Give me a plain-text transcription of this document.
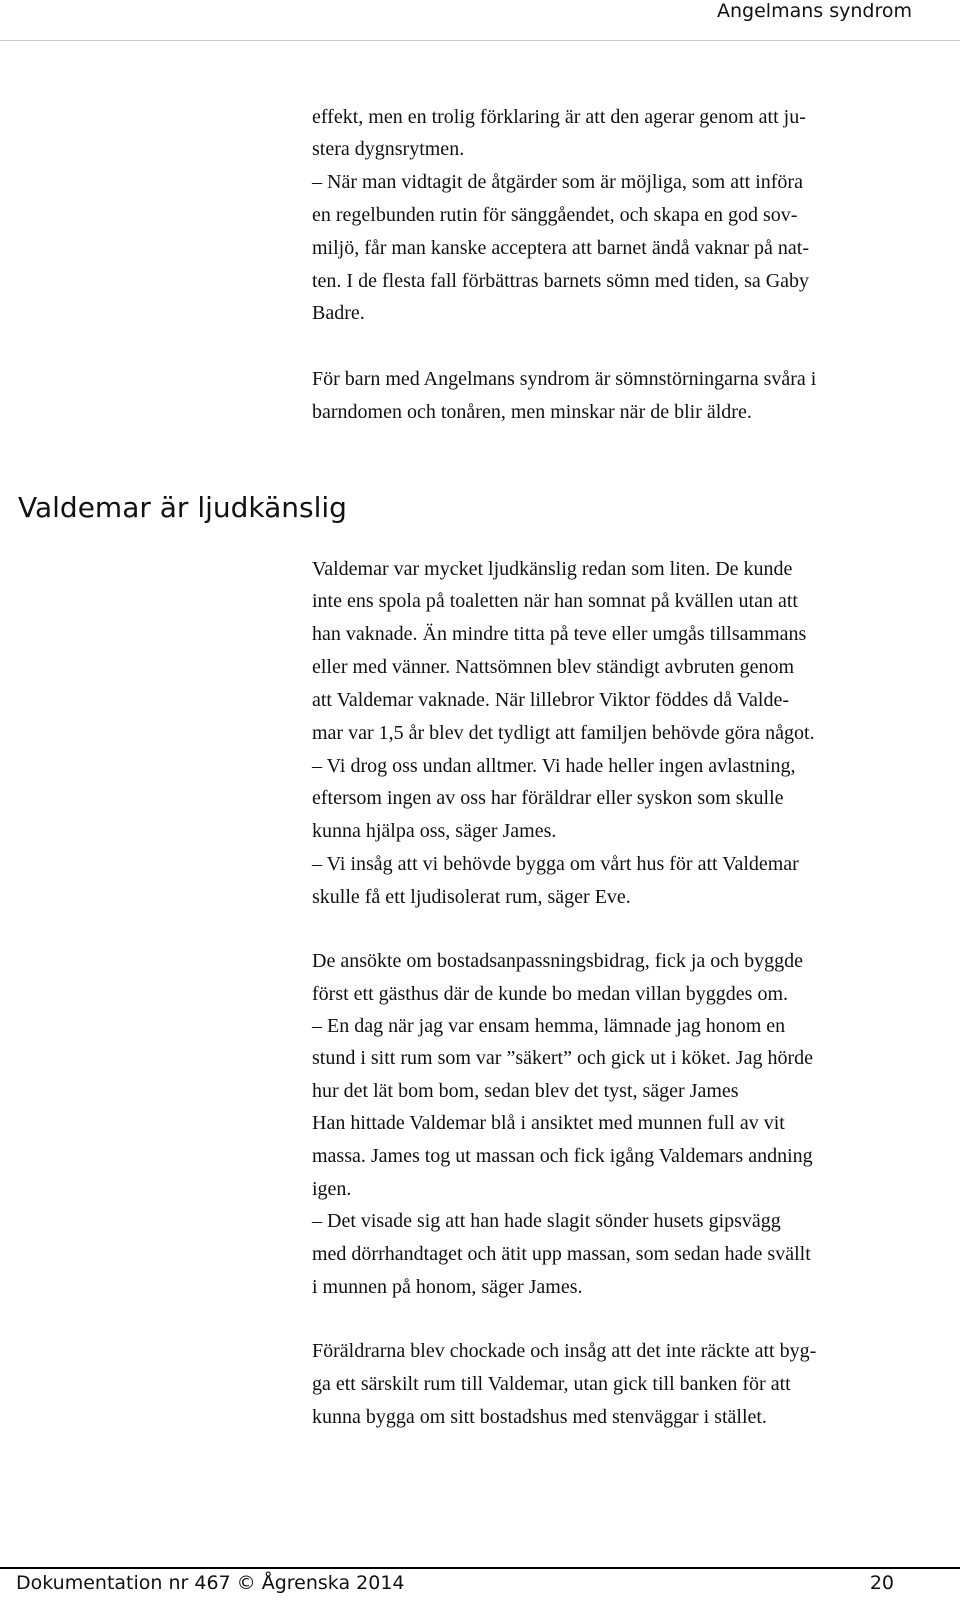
Angelmans syndrom
effekt, men en trolig förklaring är att den agerar genom att ju-
stera dygnsrytmen.
– När man vidtagit de åtgärder som är möjliga, som att införa
en regelbunden rutin för sänggåendet, och skapa en god sov-
miljö, får man kanske acceptera att barnet ändå vaknar på nat-
ten. I de flesta fall förbättras barnets sömn med tiden, sa Gaby
Badre.
För barn med Angelmans syndrom är sömnstörningarna svåra i
barndomen och tonåren, men minskar när de blir äldre.
Valdemar är ljudkänslig
Valdemar var mycket ljudkänslig redan som liten. De kunde
inte ens spola på toaletten när han somnat på kvällen utan att
han vaknade. Än mindre titta på teve eller umgås tillsammans
eller med vänner. Nattsömnen blev ständigt avbruten genom
att Valdemar vaknade. När lillebror Viktor föddes då Valde-
mar var 1,5 år blev det tydligt att familjen behövde göra något.
– Vi drog oss undan alltmer. Vi hade heller ingen avlastning,
eftersom ingen av oss har föräldrar eller syskon som skulle
kunna hjälpa oss, säger James.
– Vi insåg att vi behövde bygga om vårt hus för att Valdemar
skulle få ett ljudisolerat rum, säger Eve.
De ansökte om bostadsanpassningsbidrag, fick ja och byggde
först ett gästhus där de kunde bo medan villan byggdes om.
– En dag när jag var ensam hemma, lämnade jag honom en
stund i sitt rum som var ”säkert” och gick ut i köket. Jag hörde
hur det lät bom bom, sedan blev det tyst, säger James
Han hittade Valdemar blå i ansiktet med munnen full av vit
massa. James tog ut massan och fick igång Valdemars andning
igen.
– Det visade sig att han hade slagit sönder husets gipsvägg
med dörrhandtaget och ätit upp massan, som sedan hade svällt
i munnen på honom, säger James.
Föräldrarna blev chockade och insåg att det inte räckte att byg-
ga ett särskilt rum till Valdemar, utan gick till banken för att
kunna bygga om sitt bostadshus med stenväggar i stället.
Dokumentation nr 467 © Ågrenska 2014	20
